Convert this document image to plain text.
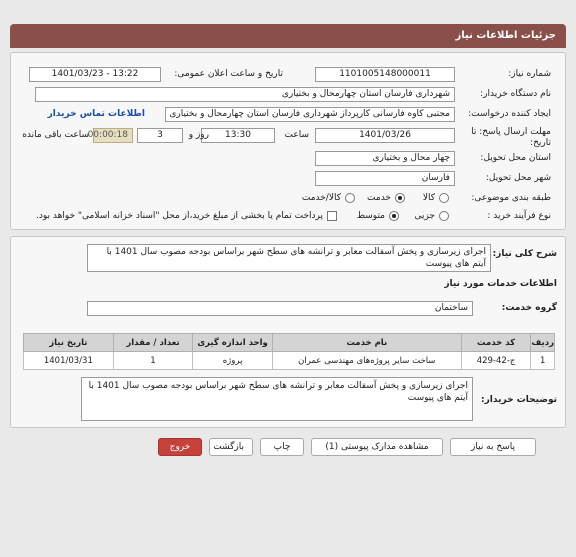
جزئیات اطلاعات نیاز
شماره نیاز:
1101005148000011
تاریخ و ساعت اعلان عمومی:
1401/03/23 - 13:22
نام دستگاه خریدار:
شهرداری فارسان استان چهارمحال و بختیاری
ایجاد کننده درخواست:
مجتبی کاوه فارسانی کارپرداز شهرداری فارسان استان چهارمحال و بختیاری
اطلاعات تماس خریدار
مهلت ارسال پاسخ: تا
تاریخ:
1401/03/26
ساعت
13:30
3	روز و
00:00:18
ساعت باقی مانده
استان محل تحویل:
چهار محال و بختیاری
شهر محل تحویل:
فارسان
طبقه بندی موضوعی:
کالا
خدمت
کالا/خدمت
نوع فرآیند خرید :
جزیی
متوسط
پرداخت تمام یا بخشی از مبلغ خرید،از محل "اسناد خزانه اسلامی" خواهد بود.
شرح کلی نیاز:
اجرای زیرسازی و پخش آسفالت معابر و ترانشه های سطح شهر براساس بودجه مصوب سال 1401 با آیتم های پیوست
اطلاعات خدمات مورد نیاز
گروه خدمت:
ساختمان
ردیف	کد خدمت	نام خدمت	واحد اندازه گیری	تعداد / مقدار	تاریخ نیاز
1	ج-42-429	ساخت سایر پروژه‌های مهندسی عمران	پروژه	1	1401/03/31
توضیحات خریدار:
اجرای زیرسازی و پخش آسفالت معابر و ترانشه های سطح شهر براساس بودجه مصوب سال 1401 با آیتم های پیوست
پاسخ به نیاز
مشاهده مدارک پیوستی (1)
چاپ
بازگشت
خروج
